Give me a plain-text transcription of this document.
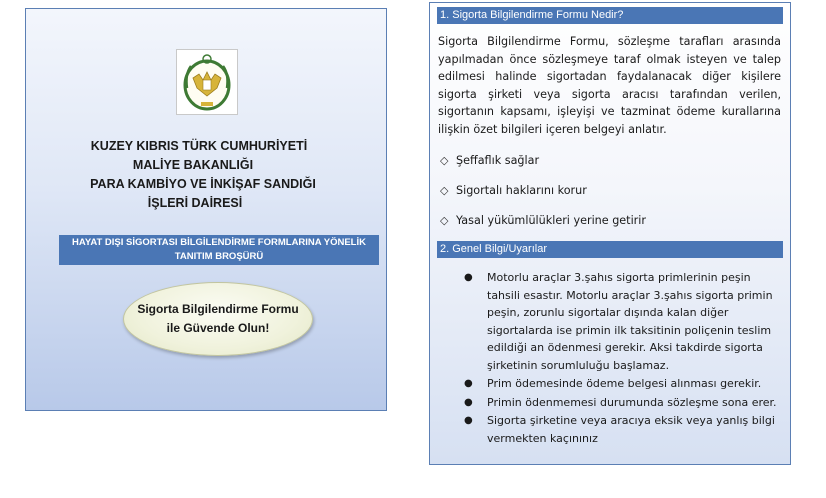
KUZEY KIBRIS TÜRK CUMHURİYETİ
MALİYE BAKANLIĞI
PARA KAMBİYO VE İNKİŞAF SANDIĞI
İŞLERİ DAİRESİ
HAYAT DIŞI SİGORTASI BİLGİLENDİRME FORMLARINA YÖNELİK
TANITIM BROŞÜRÜ
Sigorta Bilgilendirme Formu
ile Güvende Olun!
1. Sigorta Bilgilendirme Formu Nedir?
Sigorta Bilgilendirme Formu, sözleşme tarafları arasında yapılmadan önce sözleşmeye taraf olmak isteyen ve talep edilmesi halinde sigortadan faydalanacak diğer kişilere sigorta şirketi veya sigorta aracısı tarafından verilen, sigortanın kapsamı, işleyişi ve tazminat ödeme kurallarına ilişkin özet bilgileri içeren belgeyi anlatır.
◇ Şeffaflık sağlar
◇ Sigortalı haklarını korur
◇ Yasal yükümlülükleri yerine getirir
2. Genel Bilgi/Uyarılar
● Motorlu araçlar 3.şahıs sigorta primlerinin peşin tahsili esastır. Motorlu araçlar 3.şahıs sigorta primin peşin, zorunlu sigortalar dışında kalan diğer sigortalarda ise primin ilk taksitinin poliçenin teslim edildiği an ödenmesi gerekir. Aksi takdirde sigorta şirketinin sorumluluğu başlamaz.
● Prim ödemesinde ödeme belgesi alınması gerekir.
● Primin ödenmemesi durumunda sözleşme sona erer.
● Sigorta şirketine veya aracıya eksik veya yanlış bilgi vermekten kaçınınız
